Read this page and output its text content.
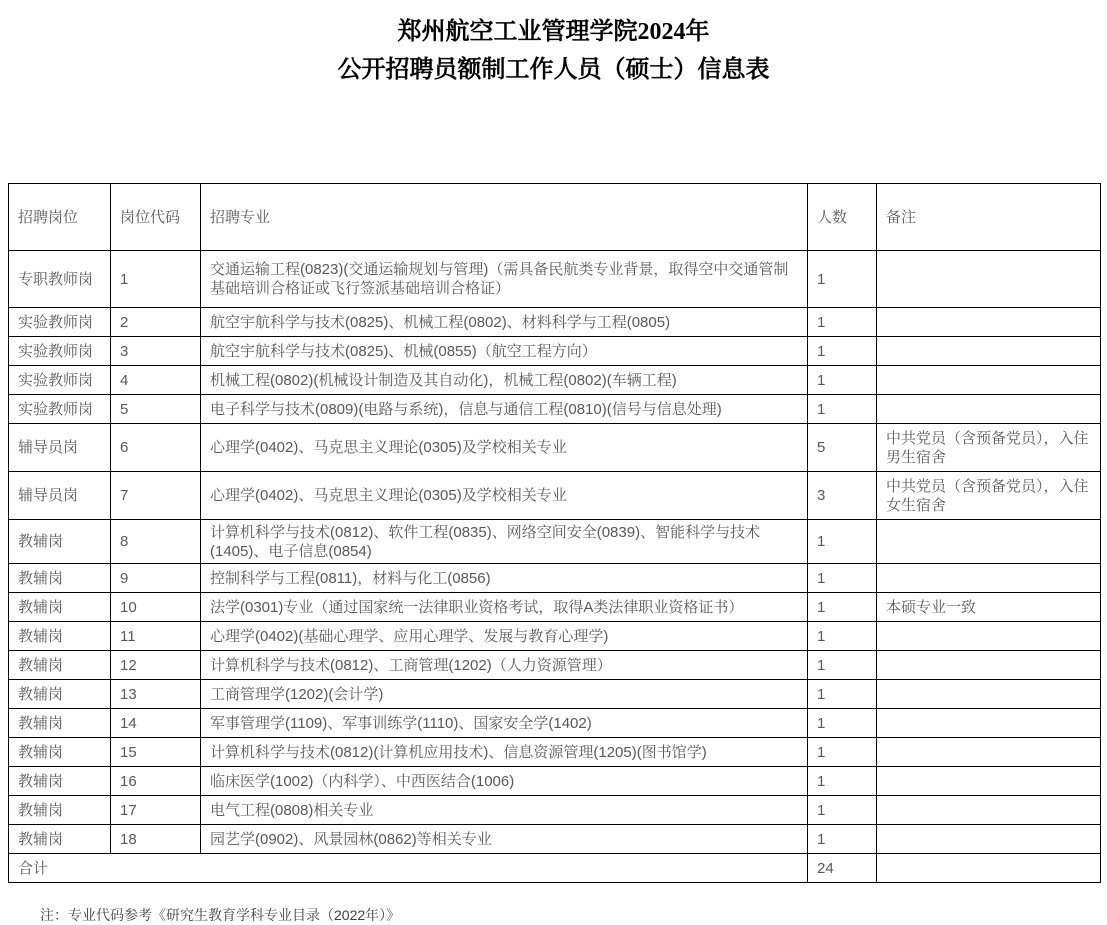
郑州航空工业管理学院2024年
公开招聘员额制工作人员（硕士）信息表
招聘岗位	岗位代码	招聘专业	人数	备注
专职教师岗	1	交通运输工程(0823)(交通运输规划与管理)（需具备民航类专业背景，取得空中交通管制基础培训合格证或飞行签派基础培训合格证）	1	
实验教师岗	2	航空宇航科学与技术(0825)、机械工程(0802)、材料科学与工程(0805)	1	
实验教师岗	3	航空宇航科学与技术(0825)、机械(0855)（航空工程方向）	1	
实验教师岗	4	机械工程(0802)(机械设计制造及其自动化)，机械工程(0802)(车辆工程)	1	
实验教师岗	5	电子科学与技术(0809)(电路与系统)，信息与通信工程(0810)(信号与信息处理)	1	
辅导员岗	6	心理学(0402)、马克思主义理论(0305)及学校相关专业	5	中共党员（含预备党员），入住男生宿舍
辅导员岗	7	心理学(0402)、马克思主义理论(0305)及学校相关专业	3	中共党员（含预备党员），入住女生宿舍
教辅岗	8	计算机科学与技术(0812)、软件工程(0835)、网络空间安全(0839)、智能科学与技术(1405)、电子信息(0854)	1	
教辅岗	9	控制科学与工程(0811)，材料与化工(0856)	1	
教辅岗	10	法学(0301)专业（通过国家统一法律职业资格考试，取得A类法律职业资格证书）	1	本硕专业一致
教辅岗	11	心理学(0402)(基础心理学、应用心理学、发展与教育心理学)	1	
教辅岗	12	计算机科学与技术(0812)、工商管理(1202)（人力资源管理）	1	
教辅岗	13	工商管理学(1202)(会计学)	1	
教辅岗	14	军事管理学(1109)、军事训练学(1110)、国家安全学(1402)	1	
教辅岗	15	计算机科学与技术(0812)(计算机应用技术)、信息资源管理(1205)(图书馆学)	1	
教辅岗	16	临床医学(1002)（内科学）、中西医结合(1006)	1	
教辅岗	17	电气工程(0808)相关专业	1	
教辅岗	18	园艺学(0902)、风景园林(0862)等相关专业	1	
合计			24	
注：专业代码参考《研究生教育学科专业目录（2022年）》
